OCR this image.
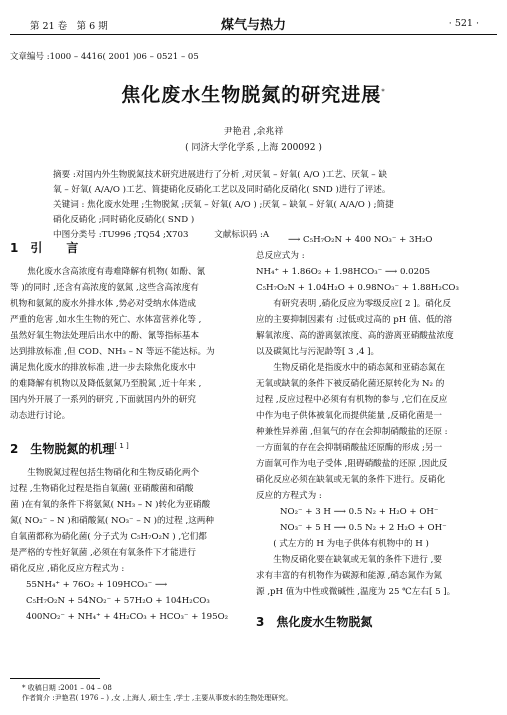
第 21 卷　第 6 期	煤气与热力	· 521 ·
文章编号 :1000 – 4416( 2001 )06 – 0521 – 05
焦化废水生物脱氮的研究进展*
尹艳君 ,余兆祥
( 同济大学化学系 ,上海 200092 )
摘要 :对国内外生物脱氮技术研究进展进行了分析 ,对厌氧 – 好氧( A/O )工艺、厌氧 – 缺
氧 – 好氧( A/A/O )工艺、简捷硝化反硝化工艺以及同时硝化反硝化( SND )进行了评述。
关键词 : 焦化废水处理 ;生物脱氮 ;厌氧 – 好氧( A/O ) ;厌氧 – 缺氧 – 好氧( A/A/O ) ;简捷
硝化反硝化 ;同时硝化反硝化( SND )
中图分类号 :TU996 ;TQ54 ;X703　　　文献标识码 :A
1　引　　言
焦化废水含高浓度有毒难降解有机物( 如酚、氰
等 )的同时 ,还含有高浓度的氨氮 ,这些含高浓度有
机物和氨氮的废水外排水体 ,势必对受纳水体造成
严重的危害 ,如水生生物的死亡、水体富营养化等 ,
虽然好氧生物法处理后出水中的酚、氰等指标基本
达到排放标准 ,但 COD、NH₃ – N 等远不能达标。为
满足焦化废水的排放标准 ,进一步去除焦化废水中
的难降解有机物以及降低氨氮乃至脱氮 ,近十年来 ,
国内外开展了一系列的研究 ,下面就国内外的研究
动态进行讨论。
2　生物脱氮的机理[ 1 ]
生物脱氮过程包括生物硝化和生物反硝化两个
过程 ,生物硝化过程是指自氧菌( 亚硝酸菌和硝酸
菌 )在有氧的条件下将氨氮( NH₃ – N )转化为亚硝酸
氮( NO₂⁻ – N )和硝酸氮( NO₃⁻ – N )的过程 ,这两种
自氧菌都称为硝化菌( 分子式为 C₅H₇O₂N ) ,它们都
是严格的专性好氧菌 ,必须在有氧条件下才能进行
硝化反应 ,硝化反应方程式为 :
55NH₄⁺ + 76O₂ + 109HCO₃⁻ ⟶
C₅H₇O₂N + 54NO₂⁻ + 57H₂O + 104H₂CO₃
400NO₂⁻ + NH₄⁺ + 4H₂CO₃ + HCO₃⁻ + 195O₂
⟶ C₅H₇O₂N + 400 NO₃⁻ + 3H₂O
总反应式为 :
NH₄⁺ + 1.86O₂ + 1.98HCO₃⁻ ⟶ 0.0205
C₅H₇O₂N + 1.04H₂O + 0.98NO₃⁻ + 1.88H₂CO₃
有研究表明 ,硝化反应为零级反应[ 2 ]。硝化反
应的主要抑制因素有 :过低或过高的 pH 值、低的溶
解氧浓度、高的游离氨浓度、高的游离亚硝酸盐浓度
以及碳氮比与污泥龄等[ 3 ,4 ]。
生物反硝化是指废水中的硝态氮和亚硝态氮在
无氧或缺氧的条件下被反硝化菌还原转化为 N₂ 的
过程 ,反应过程中必须有有机物的参与 ,它们在反应
中作为电子供体被氧化而提供能量 ,反硝化菌是一
种兼性异养菌 ,但氧气的存在会抑制硝酸盐的还原 :
一方面氧的存在会抑制硝酸盐还原酶的形成 ;另一
方面氧可作为电子受体 ,阻碍硝酸盐的还原 ,因此反
硝化反应必须在缺氧或无氧的条件下进行。反硝化
反应的方程式为 :
NO₂⁻ + 3 H ⟶ 0.5 N₂ + H₂O + OH⁻
NO₃⁻ + 5 H ⟶ 0.5 N₂ + 2 H₂O + OH⁻
( 式左方的 H 为电子供体有机物中的 H )
生物反硝化要在缺氧或无氧的条件下进行 ,要
求有丰富的有机物作为碳源和能源 ,硝态氮作为氮
源 ,pH 值为中性或微碱性 ,温度为 25 ℃左右[ 5 ]。
3　焦化废水生物脱氮
* 收稿日期 :2001 – 04 – 08
作者简介 :尹艳君( 1976 – ) ,女 ,上海人 ,硕士生 ,学士 ,主要从事废水的生物处理研究。
